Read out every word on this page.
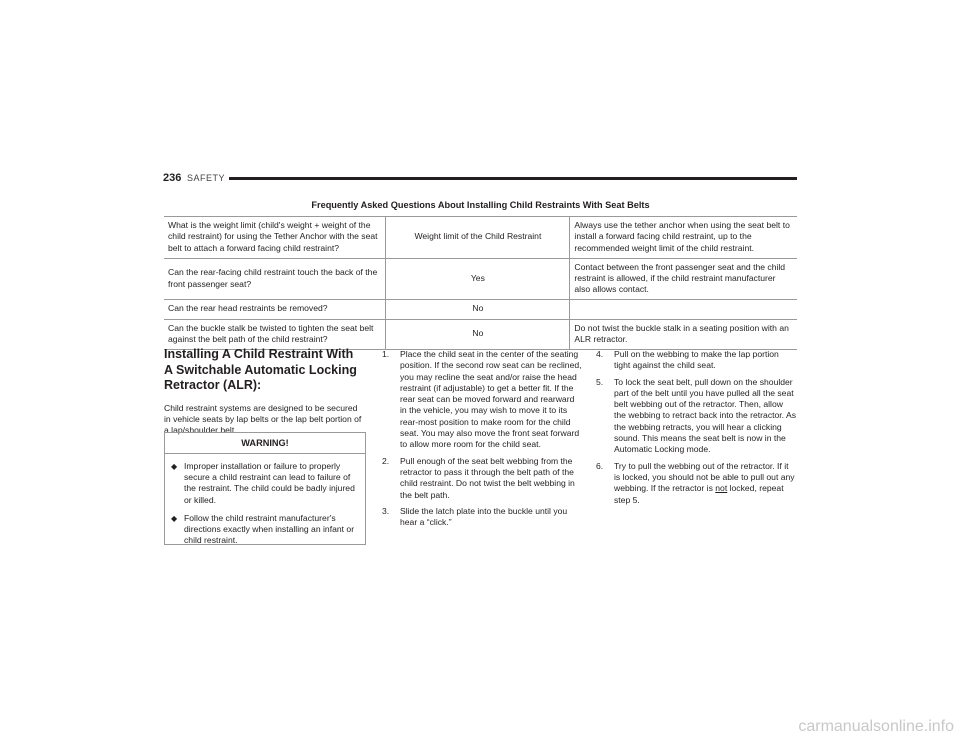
236 SAFETY
Frequently Asked Questions About Installing Child Restraints With Seat Belts		
What is the weight limit (child's weight + weight of the child restraint) for using the Tether Anchor with the seat belt to attach a forward facing child restraint?	Weight limit of the Child Restraint	Always use the tether anchor when using the seat belt to install a forward facing child restraint, up to the recommended weight limit of the child restraint.
Can the rear-facing child restraint touch the back of the front passenger seat?	Yes	Contact between the front passenger seat and the child restraint is allowed, if the child restraint manufacturer also allows contact.
Can the rear head restraints be removed?	No	
Can the buckle stalk be twisted to tighten the seat belt against the belt path of the child restraint?	No	Do not twist the buckle stalk in a seating position with an ALR retractor.
Installing A Child Restraint With A Switchable Automatic Locking Retractor (ALR):

Child restraint systems are designed to be secured in vehicle seats by lap belts or the lap belt portion of a lap/shoulder belt.

WARNING!
◆ Improper installation or failure to properly secure a child restraint can lead to failure of the restraint. The child could be badly injured or killed.
◆ Follow the child restraint manufacturer's directions exactly when installing an infant or child restraint.
1. Place the child seat in the center of the seating position. If the second row seat can be reclined, you may recline the seat and/or raise the head restraint (if adjustable) to get a better fit. If the rear seat can be moved forward and rearward in the vehicle, you may wish to move it to its rear-most position to make room for the child seat. You may also move the front seat forward to allow more room for the child seat.
2. Pull enough of the seat belt webbing from the retractor to pass it through the belt path of the child restraint. Do not twist the belt webbing in the belt path.
3. Slide the latch plate into the buckle until you hear a “click.”
4. Pull on the webbing to make the lap portion tight against the child seat.
5. To lock the seat belt, pull down on the shoulder part of the belt until you have pulled all the seat belt webbing out of the retractor. Then, allow the webbing to retract back into the retractor. As the webbing retracts, you will hear a clicking sound. This means the seat belt is now in the Automatic Locking mode.
6. Try to pull the webbing out of the retractor. If it is locked, you should not be able to pull out any webbing. If the retractor is not locked, repeat step 5.
carmanualsonline.info
